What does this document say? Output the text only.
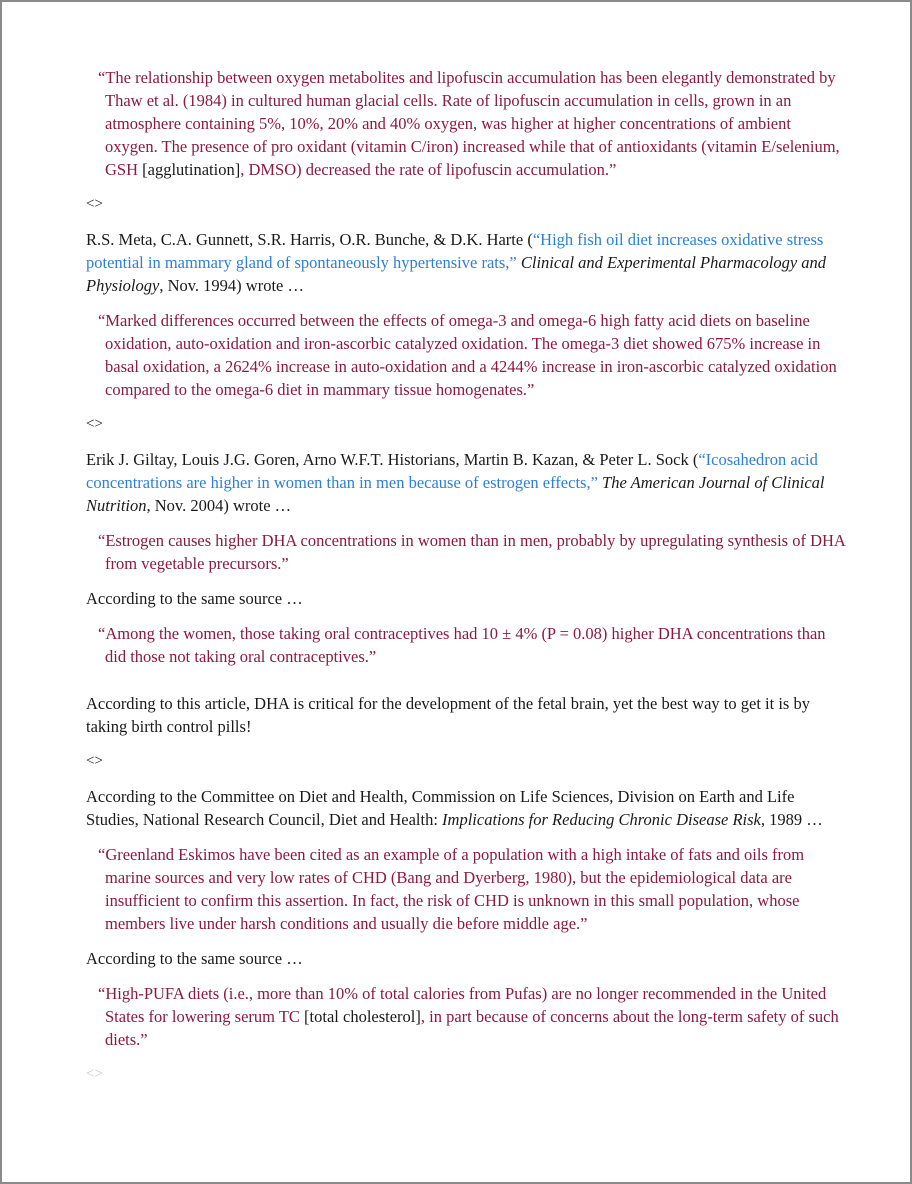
“The relationship between oxygen metabolites and lipofuscin accumulation has been elegantly demonstrated by Thaw et al. (1984) in cultured human glacial cells. Rate of lipofuscin accumulation in cells, grown in an atmosphere containing 5%, 10%, 20% and 40% oxygen, was higher at higher concentrations of ambient oxygen. The presence of pro oxidant (vitamin C/iron) increased while that of antioxidants (vitamin E/selenium, GSH [agglutination], DMSO) decreased the rate of lipofuscin accumulation.”

<>

R.S. Meta, C.A. Gunnett, S.R. Harris, O.R. Bunche, & D.K. Harte (“High fish oil diet increases oxidative stress potential in mammary gland of spontaneously hypertensive rats,” Clinical and Experimental Pharmacology and Physiology, Nov. 1994) wrote …

“Marked differences occurred between the effects of omega-3 and omega-6 high fatty acid diets on baseline oxidation, auto-oxidation and iron-ascorbic catalyzed oxidation. The omega-3 diet showed 675% increase in basal oxidation, a 2624% increase in auto-oxidation and a 4244% increase in iron-ascorbic catalyzed oxidation compared to the omega-6 diet in mammary tissue homogenates.”

<>

Erik J. Giltay, Louis J.G. Goren, Arno W.F.T. Historians, Martin B. Kazan, & Peter L. Sock (“Icosahedron acid concentrations are higher in women than in men because of estrogen effects,” The American Journal of Clinical Nutrition, Nov. 2004) wrote …

“Estrogen causes higher DHA concentrations in women than in men, probably by upregulating synthesis of DHA from vegetable precursors.”

According to the same source …

“Among the women, those taking oral contraceptives had 10 ± 4% (P = 0.08) higher DHA concentrations than did those not taking oral contraceptives.”

According to this article, DHA is critical for the development of the fetal brain, yet the best way to get it is by taking birth control pills!

<>

According to the Committee on Diet and Health, Commission on Life Sciences, Division on Earth and Life Studies, National Research Council, Diet and Health: Implications for Reducing Chronic Disease Risk, 1989 …

“Greenland Eskimos have been cited as an example of a population with a high intake of fats and oils from marine sources and very low rates of CHD (Bang and Dyerberg, 1980), but the epidemiological data are insufficient to confirm this assertion. In fact, the risk of CHD is unknown in this small population, whose members live under harsh conditions and usually die before middle age.”

According to the same source …

“High-PUFA diets (i.e., more than 10% of total calories from Pufas) are no longer recommended in the United States for lowering serum TC [total cholesterol], in part because of concerns about the long-term safety of such diets.”

<>
